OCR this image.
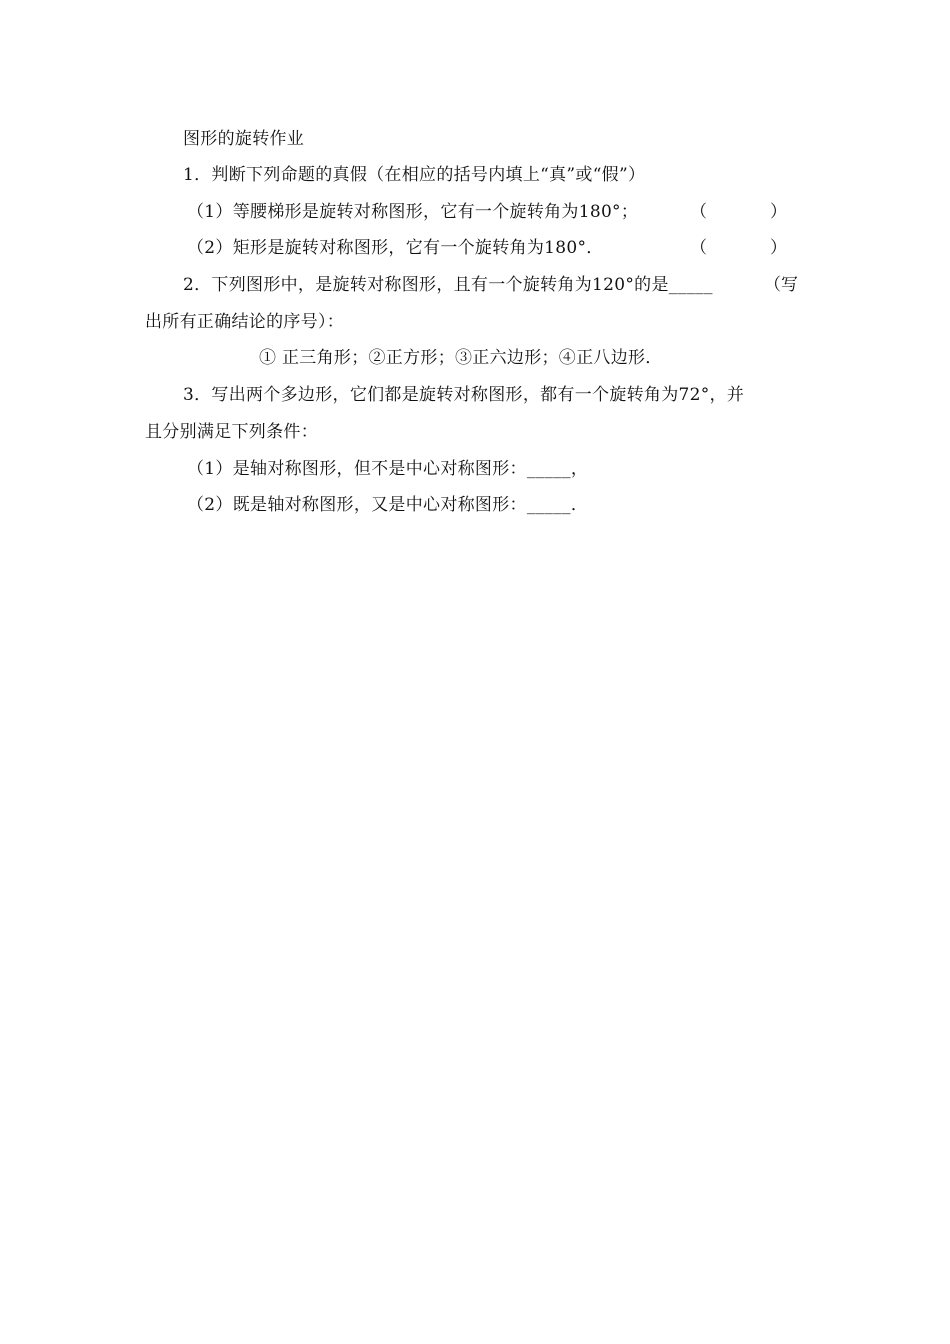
图形的旋转作业
1．判断下列命题的真假（在相应的括号内填上“真”或“假”）
（1）等腰梯形是旋转对称图形，它有一个旋转角为180°；	（	）
（2）矩形是旋转对称图形，它有一个旋转角为180°．	（	）
2．下列图形中，是旋转对称图形，且有一个旋转角为120°的是_____	（写
出所有正确结论的序号）：
① 正三角形；②正方形；③正六边形；④正八边形．
3．写出两个多边形，它们都是旋转对称图形，都有一个旋转角为72°，并
且分别满足下列条件：
（1）是轴对称图形，但不是中心对称图形：_____，
（2）既是轴对称图形，又是中心对称图形：_____．
